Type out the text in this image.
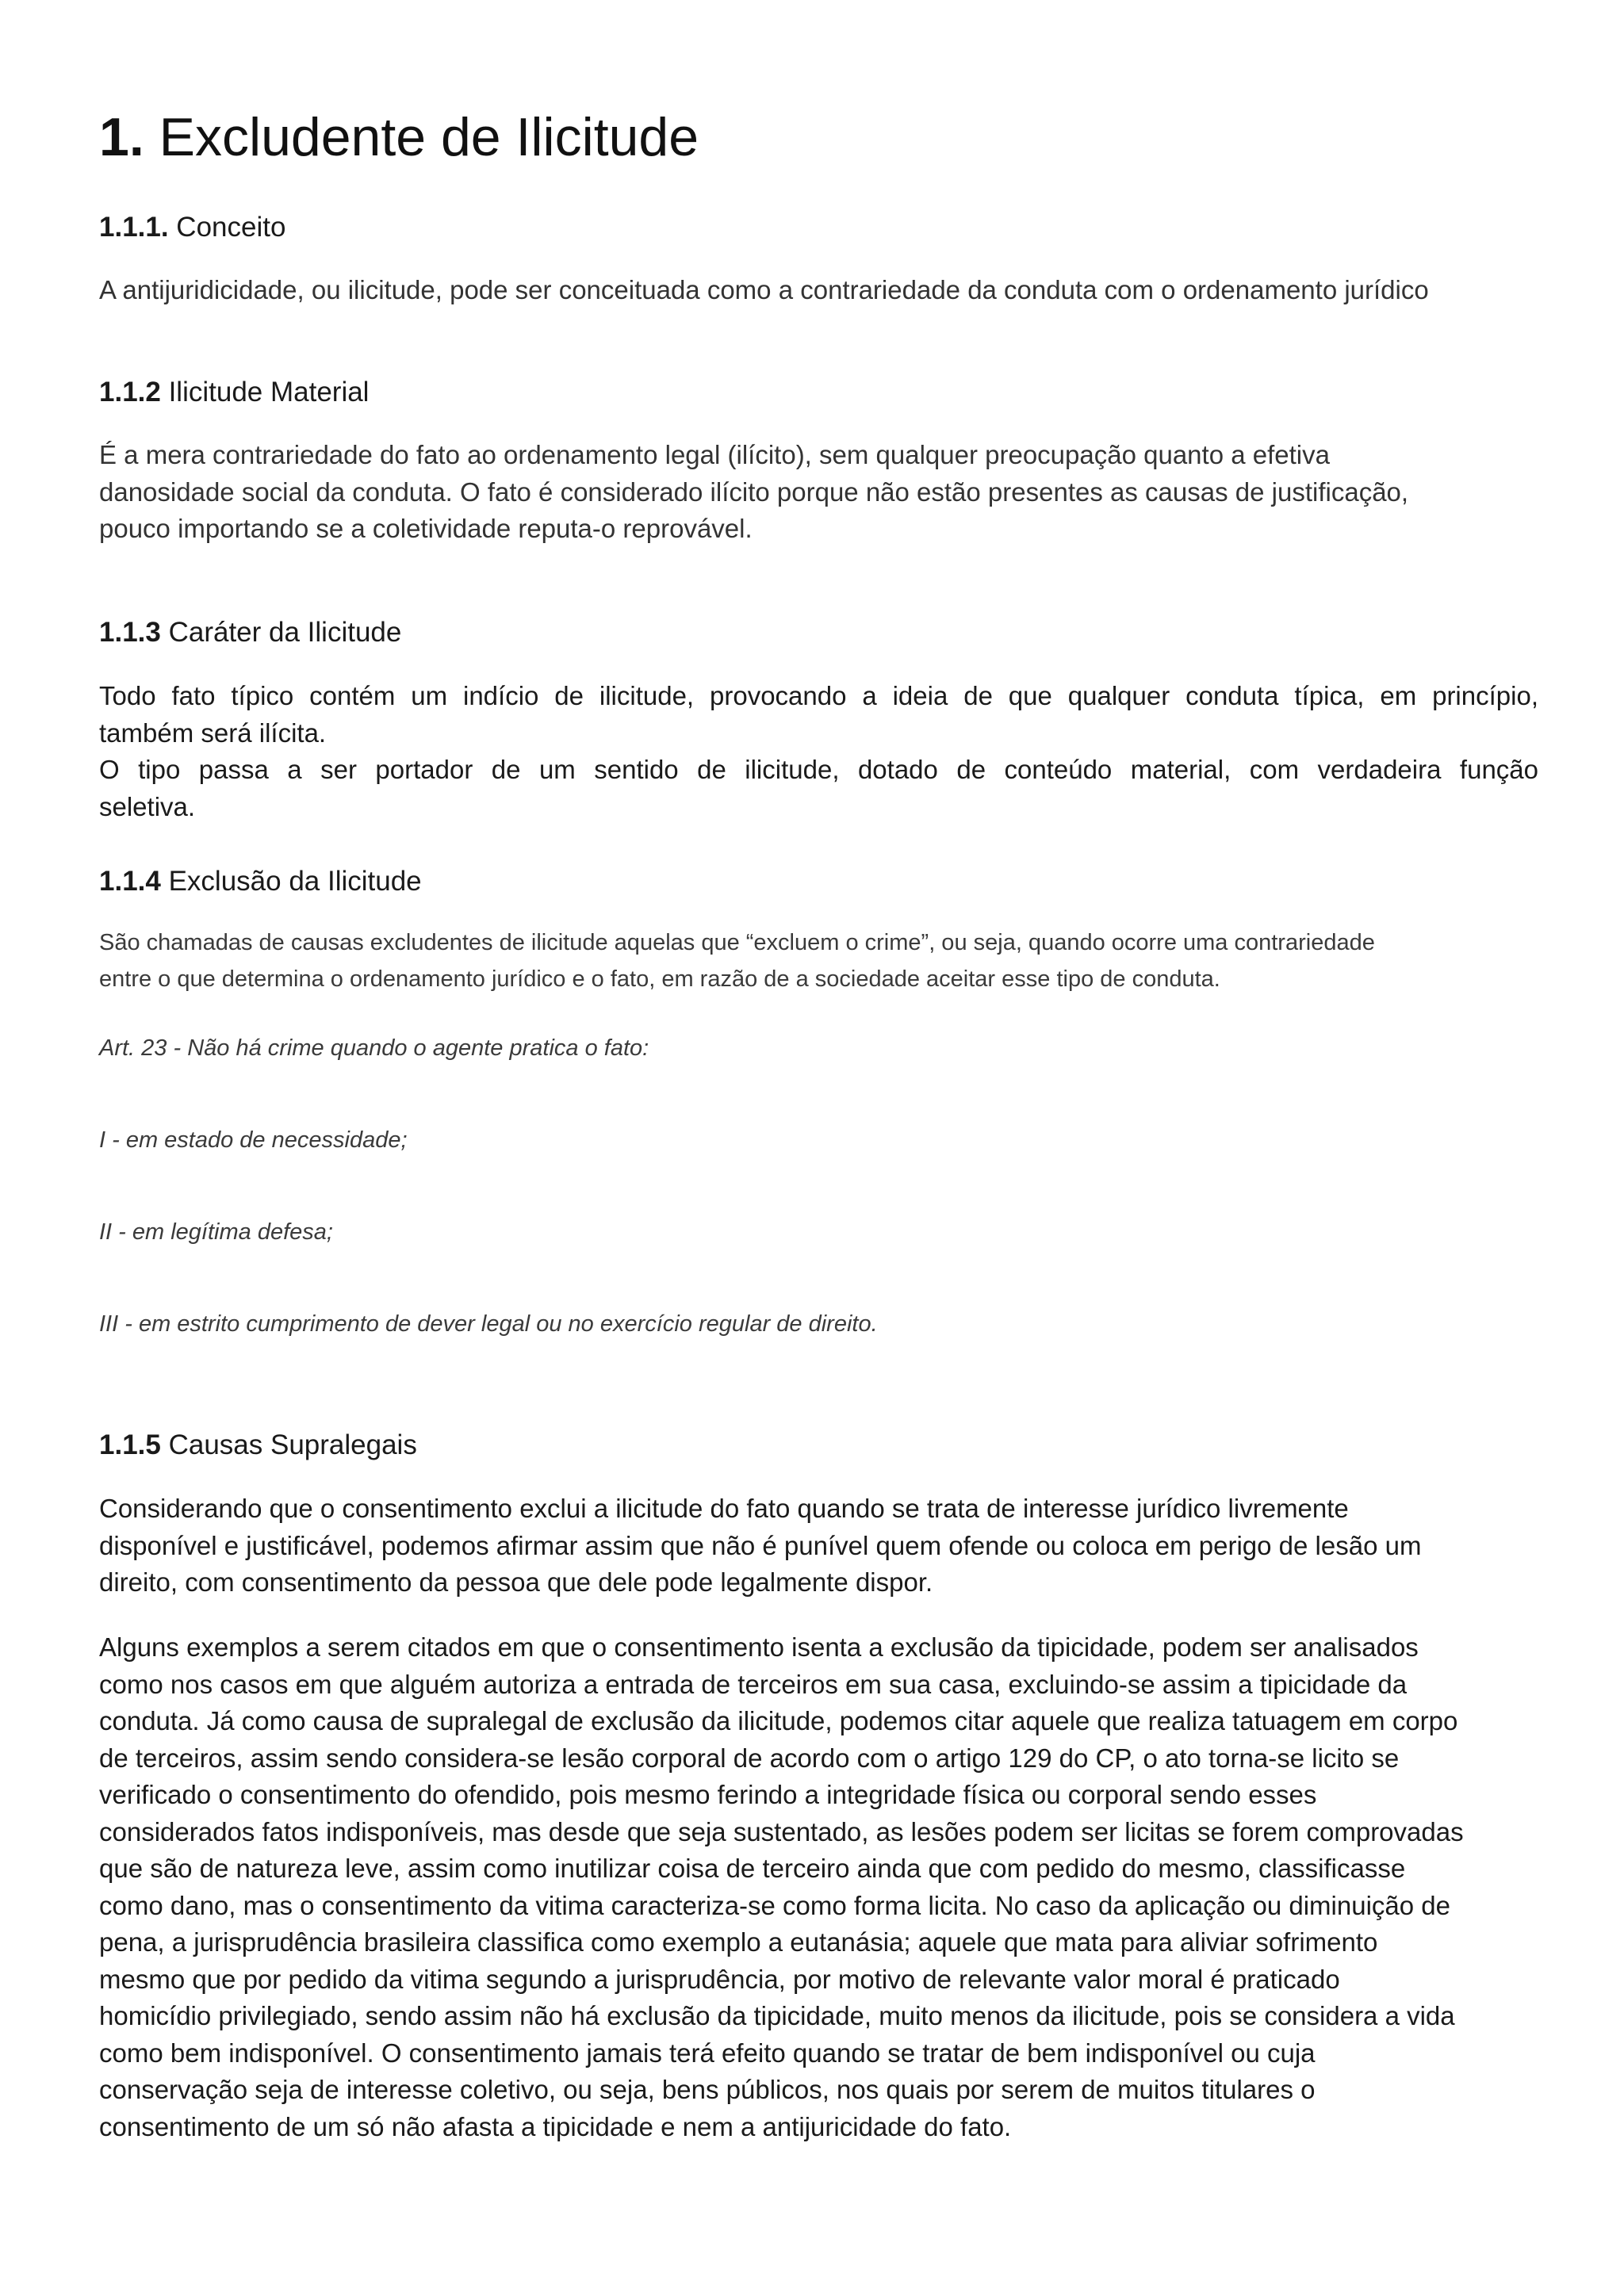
1. Excludente de Ilicitude
1.1.1. Conceito
A antijuridicidade, ou ilicitude, pode ser conceituada como a contrariedade da conduta com o ordenamento jurídico
1.1.2 Ilicitude Material
É a mera contrariedade do fato ao ordenamento legal (ilícito), sem qualquer preocupação quanto a efetiva
danosidade social da conduta. O fato é considerado ilícito porque não estão presentes as causas de justificação,
pouco importando se a coletividade reputa-o reprovável.
1.1.3 Caráter da Ilicitude
Todo fato típico contém um indício de ilicitude, provocando a ideia de que qualquer conduta típica, em princípio,
também será ilícita.
O tipo passa a ser portador de um sentido de ilicitude, dotado de conteúdo material, com verdadeira função
seletiva.
1.1.4 Exclusão da Ilicitude
São chamadas de causas excludentes de ilicitude aquelas que “excluem o crime”, ou seja, quando ocorre uma contrariedade
entre o que determina o ordenamento jurídico e o fato, em razão de a sociedade aceitar esse tipo de conduta.
Art. 23 - Não há crime quando o agente pratica o fato:
I - em estado de necessidade;
II - em legítima defesa;
III - em estrito cumprimento de dever legal ou no exercício regular de direito.
1.1.5 Causas Supralegais
Considerando que o consentimento exclui a ilicitude do fato quando se trata de interesse jurídico livremente
disponível e justificável, podemos afirmar assim que não é punível quem ofende ou coloca em perigo de lesão um
direito, com consentimento da pessoa que dele pode legalmente dispor.
Alguns exemplos a serem citados em que o consentimento isenta a exclusão da tipicidade, podem ser analisados
como nos casos em que alguém autoriza a entrada de terceiros em sua casa, excluindo-se assim a tipicidade da
conduta. Já como causa de supralegal de exclusão da ilicitude, podemos citar aquele que realiza tatuagem em corpo
de terceiros, assim sendo considera-se lesão corporal de acordo com o artigo 129 do CP, o ato torna-se licito se
verificado o consentimento do ofendido, pois mesmo ferindo a integridade física ou corporal sendo esses
considerados fatos indisponíveis, mas desde que seja sustentado, as lesões podem ser licitas se forem comprovadas
que são de natureza leve, assim como inutilizar coisa de terceiro ainda que com pedido do mesmo, classificasse
como dano, mas o consentimento da vitima caracteriza-se como forma licita. No caso da aplicação ou diminuição de
pena, a jurisprudência brasileira classifica como exemplo a eutanásia; aquele que mata para aliviar sofrimento
mesmo que por pedido da vitima segundo a jurisprudência, por motivo de relevante valor moral é praticado
homicídio privilegiado, sendo assim não há exclusão da tipicidade, muito menos da ilicitude, pois se considera a vida
como bem indisponível. O consentimento jamais terá efeito quando se tratar de bem indisponível ou cuja
conservação seja de interesse coletivo, ou seja, bens públicos, nos quais por serem de muitos titulares o
consentimento de um só não afasta a tipicidade e nem a antijuricidade do fato.
